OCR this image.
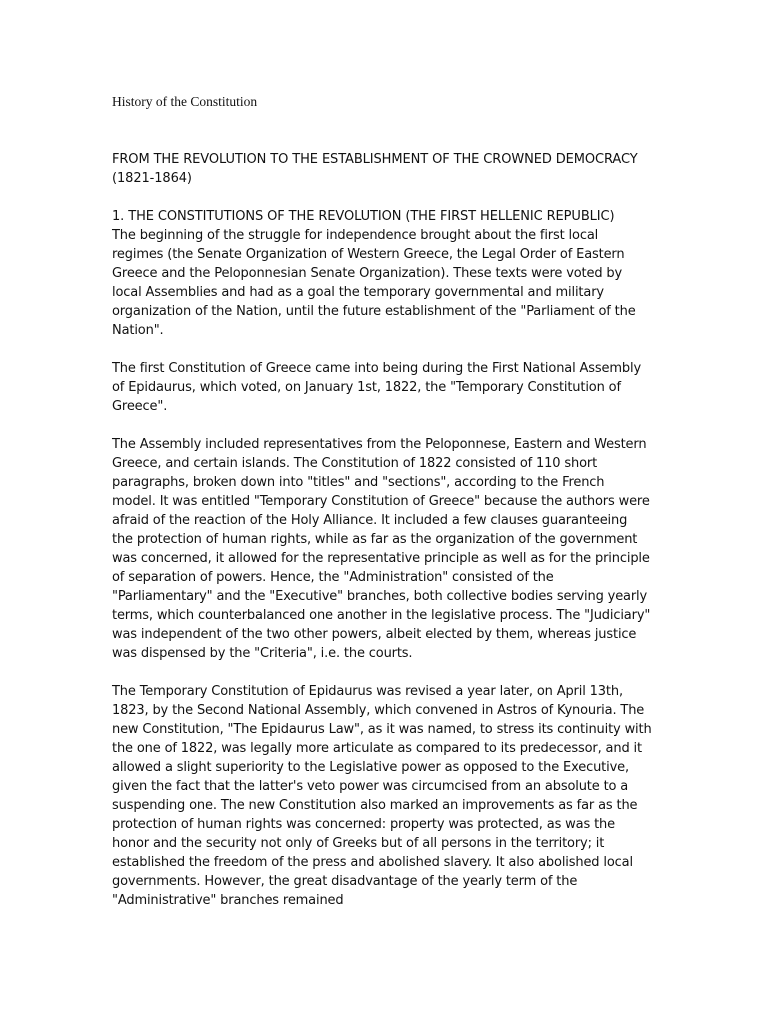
History of the Constitution
FROM THE REVOLUTION TO THE ESTABLISHMENT OF THE CROWNED DEMOCRACY (1821-1864)
1. THE CONSTITUTIONS OF THE REVOLUTION (THE FIRST HELLENIC REPUBLIC)

The beginning of the struggle for independence brought about the first local regimes (the Senate Organization of Western Greece, the Legal Order of Eastern Greece and the Peloponnesian Senate Organization). These texts were voted by local Assemblies and had as a goal the temporary governmental and military organization of the Nation, until the future establishment of the "Parliament of the Nation".

The first Constitution of Greece came into being during the First National Assembly of Epidaurus, which voted, on January 1st, 1822, the "Temporary Constitution of Greece".

The Assembly included representatives from the Peloponnese, Eastern and Western Greece, and certain islands. The Constitution of 1822 consisted of 110 short paragraphs, broken down into "titles" and "sections", according to the French model. It was entitled "Temporary Constitution of Greece" because the authors were afraid of the reaction of the Holy Alliance. It included a few clauses guaranteeing the protection of human rights, while as far as the organization of the government was concerned, it allowed for the representative principle as well as for the principle of separation of powers. Hence, the "Administration" consisted of the "Parliamentary" and the "Executive" branches, both collective bodies serving yearly terms, which counterbalanced one another in the legislative process. The "Judiciary" was independent of the two other powers, albeit elected by them, whereas justice was dispensed by the "Criteria", i.e. the courts.

The Temporary Constitution of Epidaurus was revised a year later, on April 13th, 1823, by the Second National Assembly, which convened in Astros of Kynouria. The new Constitution, "The Epidaurus Law", as it was named, to stress its continuity with the one of 1822, was legally more articulate as compared to its predecessor, and it allowed a slight superiority to the Legislative power as opposed to the Executive, given the fact that the latter's veto power was circumcised from an absolute to a suspending one. The new Constitution also marked an improvements as far as the protection of human rights was concerned: property was protected, as was the honor and the security not only of Greeks but of all persons in the territory; it established the freedom of the press and abolished slavery. It also abolished local governments. However, the great disadvantage of the yearly term of the "Administrative" branches remained
